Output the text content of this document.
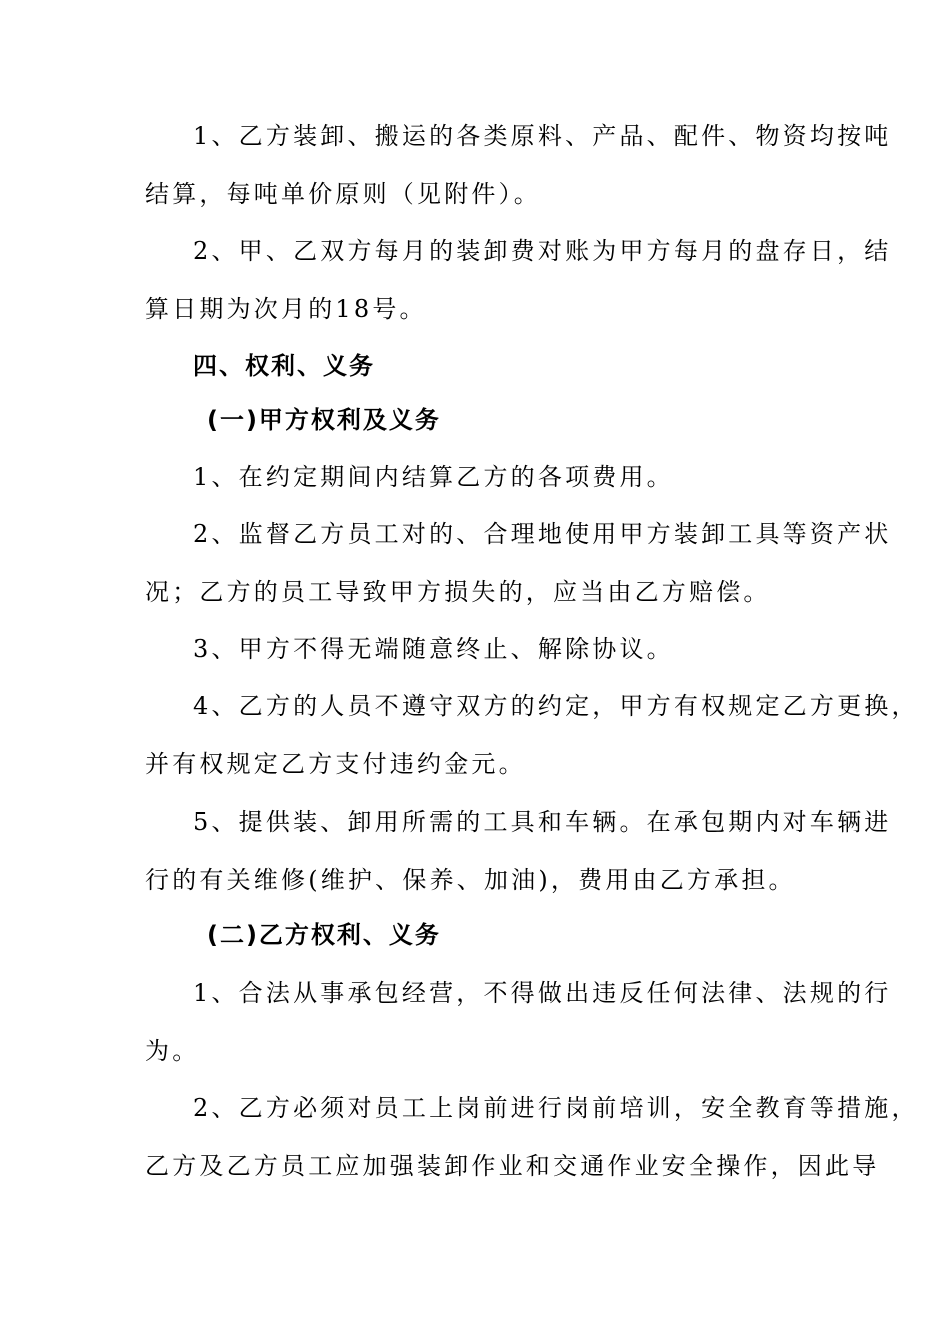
1、乙方装卸、搬运的各类原料、产品、配件、物资均按吨
结算，每吨单价原则（见附件）。
2、甲、乙双方每月的装卸费对账为甲方每月的盘存日，结
算日期为次月的18号。
四、权利、义务
(一)甲方权利及义务
1、在约定期间内结算乙方的各项费用。
2、监督乙方员工对的、合理地使用甲方装卸工具等资产状
况；乙方的员工导致甲方损失的，应当由乙方赔偿。
3、甲方不得无端随意终止、解除协议。
4、乙方的人员不遵守双方的约定，甲方有权规定乙方更换，
并有权规定乙方支付违约金元。
5、提供装、卸用所需的工具和车辆。在承包期内对车辆进
行的有关维修(维护、保养、加油)，费用由乙方承担。
(二)乙方权利、义务
1、合法从事承包经营，不得做出违反任何法律、法规的行
为。
2、乙方必须对员工上岗前进行岗前培训，安全教育等措施，
乙方及乙方员工应加强装卸作业和交通作业安全操作，因此导
